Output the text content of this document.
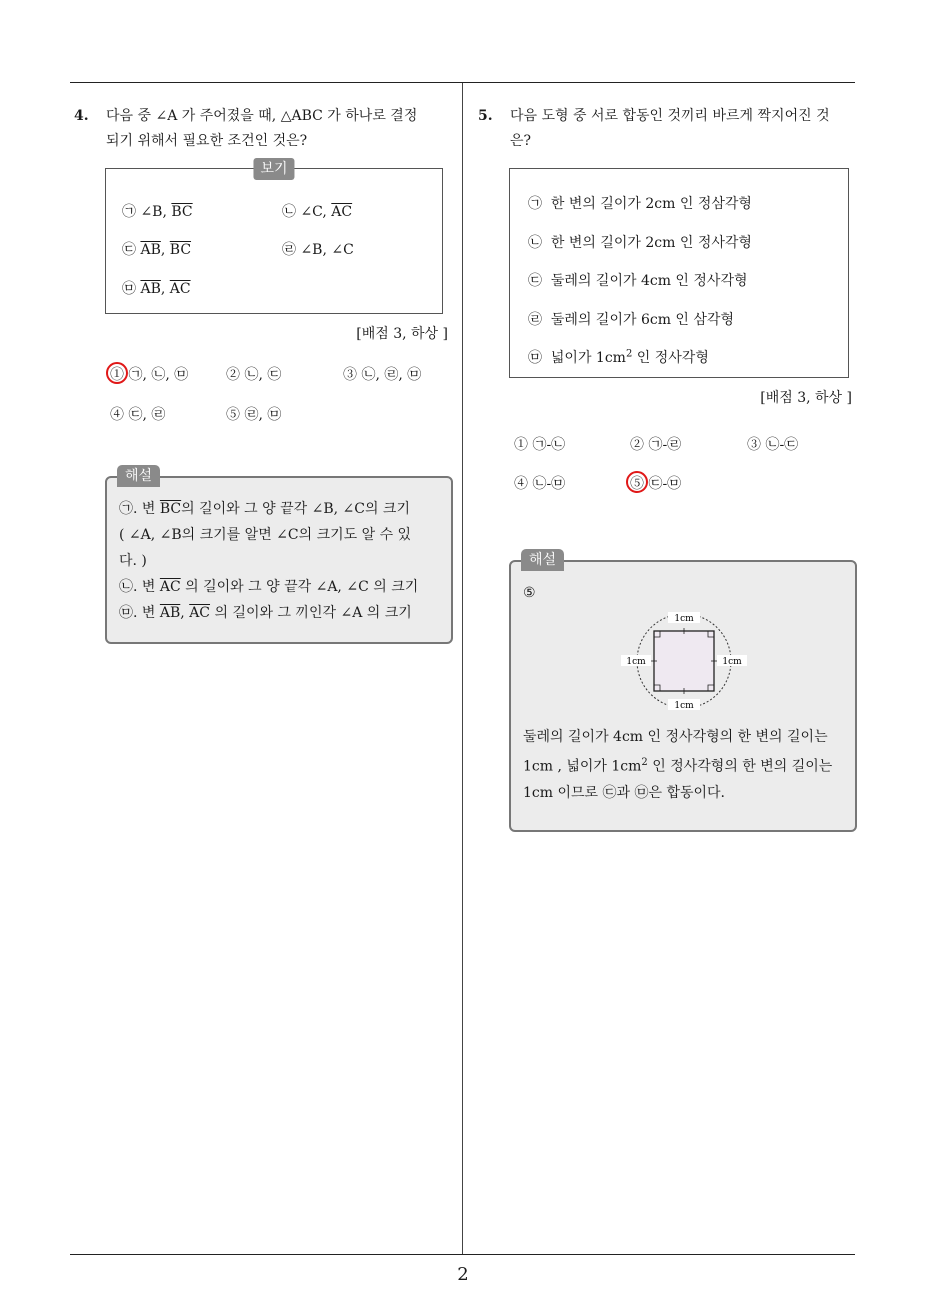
2
4.	다음 중 ∠A 가 주어졌을 때, △ABC 가 하나로 결정
되기 위해서 필요한 조건인 것은?
보기
㉠ ∠B, $\overline{BC}$	㉡ ∠C, $\overline{AC}$
㉢ $\overline{AB}$, $\overline{BC}$	㉣ ∠B, ∠C
㉤ $\overline{AB}$, $\overline{AC}$
[배점 3, 하상 ]
① ㉠, ㉡, ㉤	② ㉡, ㉢	③ ㉡, ㉣, ㉤
④ ㉢, ㉣	⑤ ㉣, ㉤
해설
㉠. 변 $\overline{BC}$의 길이와 그 양 끝각 ∠B, ∠C의 크기
( ∠A, ∠B의 크기를 알면 ∠C의 크기도 알 수 있
다. )
㉡. 변 $\overline{AC}$ 의 길이와 그 양 끝각 ∠A, ∠C 의 크기
㉤. 변 $\overline{AB}$, $\overline{AC}$ 의 길이와 그 끼인각 ∠A 의 크기
5.	다음 도형 중 서로 합동인 것끼리 바르게 짝지어진 것
은?
㉠ 한 변의 길이가 2cm 인 정삼각형
㉡ 한 변의 길이가 2cm 인 정사각형
㉢ 둘레의 길이가 4cm 인 정사각형
㉣ 둘레의 길이가 6cm 인 삼각형
㉤ 넓이가 $1cm^2$ 인 정사각형
[배점 3, 하상 ]
① ㉠-㉡	② ㉠-㉣	③ ㉡-㉢
④ ㉡-㉤	⑤ ㉢-㉤
해설
⑤
1cm
1cm	1cm
1cm
둘레의 길이가 4cm 인 정사각형의 한 변의 길이는
1cm , 넓이가 $1cm^2$ 인 정사각형의 한 변의 길이는
1cm 이므로 ㉢과 ㉤은 합동이다.
